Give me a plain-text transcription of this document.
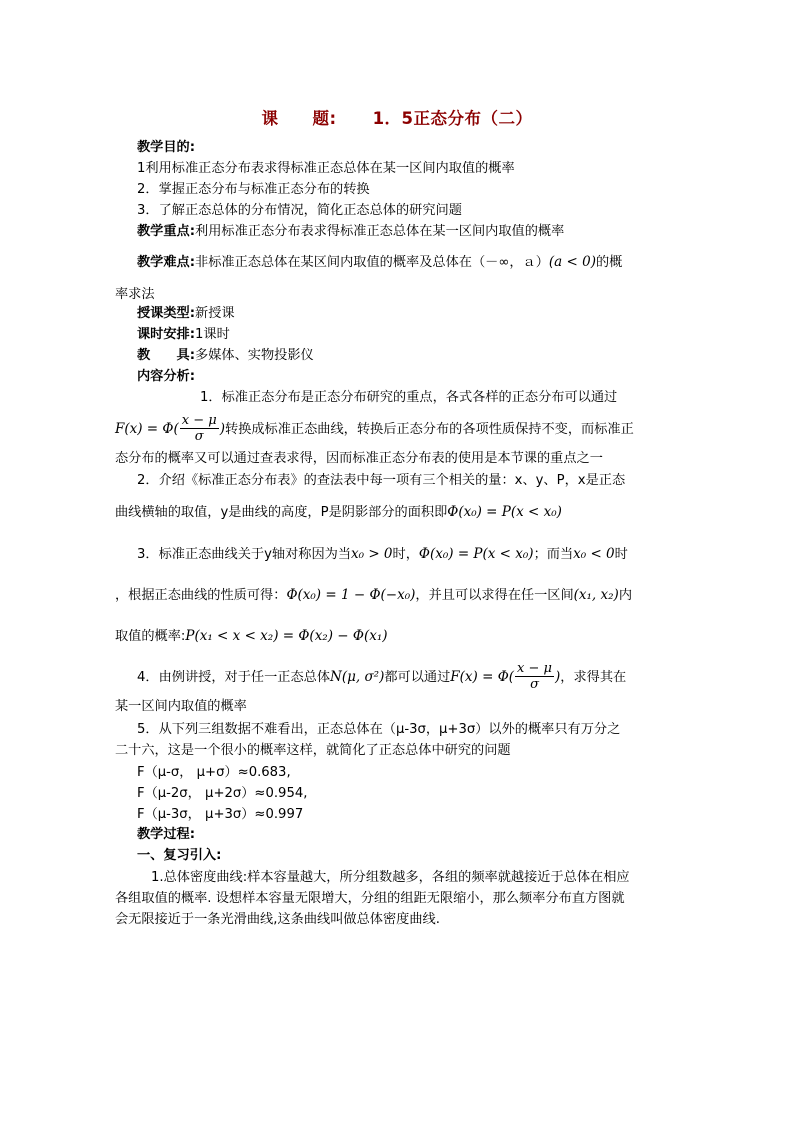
课　　题: 1．5正态分布（二）
教学目的:
1利用标准正态分布表求得标准正态总体在某一区间内取值的概率
2．掌握正态分布与标准正态分布的转换
3．了解正态总体的分布情况，简化正态总体的研究问题
教学重点:利用标准正态分布表求得标准正态总体在某一区间内取值的概率
教学难点:非标准正态总体在某区间内取值的概率及总体在（－∞，ａ）(a < 0)的概
率求法
授课类型:新授课
课时安排:1课时
教　　具:多媒体、实物投影仪
内容分析:
1．标准正态分布是正态分布研究的重点，各式各样的正态分布可以通过
$F(x) = \Phi( \frac{x - \mu}{\sigma}$ )转换成标准正态曲线，转换后正态分布的各项性质保持不变，而标准正
态分布的概率又可以通过查表求得，因而标准正态分布表的使用是本节课的重点之一
2．介绍《标准正态分布表》的查法表中每一项有三个相关的量：x、y、P，x是正态
曲线横轴的取值，y是曲线的高度，P是阴影部分的面积即Φ(x₀) = P(x < x₀)
3．标准正态曲线关于y轴对称因为当x₀ > 0时，Φ(x₀) = P(x < x₀)；而当x₀ < 0时
，根据正态曲线的性质可得：Φ(x₀) = 1 − Φ(−x₀)，并且可以求得在任一区间(x₁, x₂)内
取值的概率:P(x₁ < x < x₂) = Φ(x₂) − Φ(x₁)
4．由例讲授，对于任一正态总体N(μ, σ²)都可以通过$F(x) = \Phi( \frac{x - \mu}{\sigma}$ )，求得其在
某一区间内取值的概率
5．从下列三组数据不难看出，正态总体在（μ-3σ，μ+3σ）以外的概率只有万分之
二十六，这是一个很小的概率这样，就简化了正态总体中研究的问题
F（μ-σ， μ+σ）≈0.683,
F（μ-2σ， μ+2σ）≈0.954,
F（μ-3σ， μ+3σ）≈0.997
教学过程:
一、复习引入:
1.总体密度曲线:样本容量越大，所分组数越多，各组的频率就越接近于总体在相应
各组取值的概率. 设想样本容量无限增大，分组的组距无限缩小，那么频率分布直方图就
会无限接近于一条光滑曲线,这条曲线叫做总体密度曲线.
